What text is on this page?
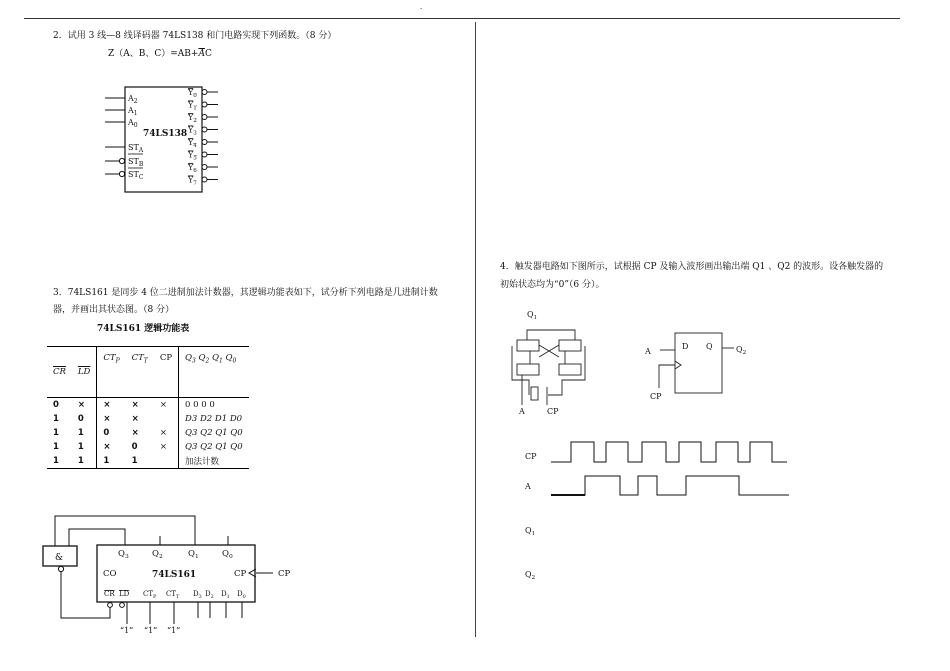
.
2．试用 3 线—8 线译码器 74LS138 和门电路实现下列函数。（8 分）
Z（A、B、$C)=AB+\overline{A}C$
$A_2$
$A_1$
$A_0$
74LS138
$ST_A$
$ST_B$
$ST_C$
$Y_0$
$Y_1$
$Y_2$
$Y_3$
$Y_4$
$Y_5$
$Y_6$
$Y_7$
3．74LS161 是同步 4 位二进制加法计数器，其逻辑功能表如下，试分析下列电路是几进制计数
器，并画出其状态图。（8 分）
74LS161 逻辑功能表
$\overline{CR}$	$\overline{LD}$	$CT_P$	$CT_T$	CP	$Q_3$ $Q_2$ $Q_1$ $Q_0$
0	×	×	×	×	0 0 0 0
1	0	×	×		D3 D2 D1 D0
1	1	0	×	×	Q3 Q2 Q1 Q0
1	1	×	0	×	Q3 Q2 Q1 Q0
1	1	1	1		加法计数
&
CO	74LS161	CP	CP
$Q_3$	$Q_2$	$Q_1$	$Q_0$
CR LD $CT_P$ $CT_T$ $D_3$ $D_2$ $D_1$ $D_0$
“1” “1” “1”
4．触发器电路如下图所示，试根据 CP 及输入波形画出输出端 Q1 、Q2 的波形。设各触发器的
初始状态均为“0”（6 分）。
A	CP
A
D Q	$Q_2$
CP
CP
A
$Q_1$
$Q_2$
$Q_1$
